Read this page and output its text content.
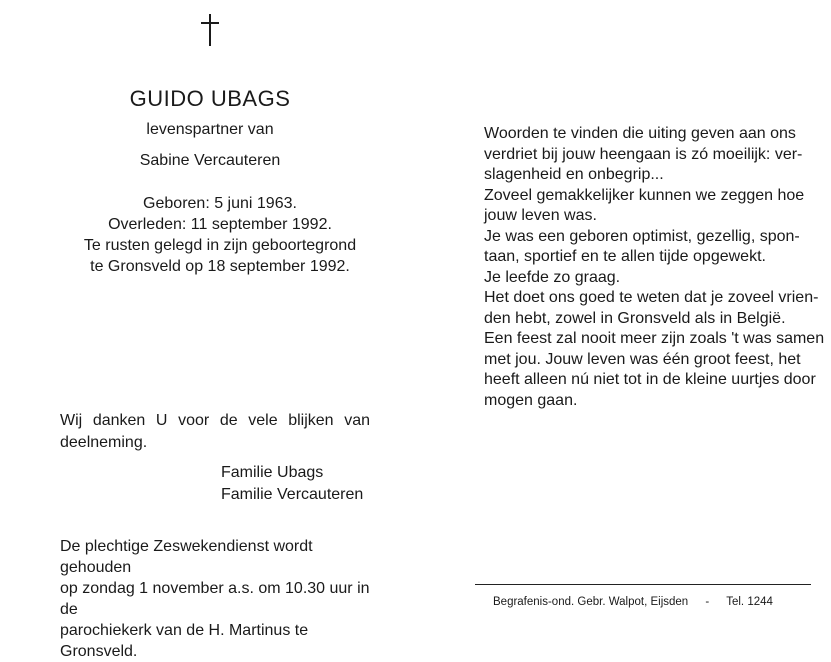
GUIDO UBAGS
levenspartner van
Sabine Vercauteren
Geboren: 5 juni 1963.
Overleden: 11 september 1992.
Te rusten gelegd in zijn geboortegrond
te Gronsveld op 18 september 1992.
Wij danken U voor de vele blijken van deelneming.
Familie Ubags
Familie Vercauteren
De plechtige Zeswekendienst wordt gehouden
op zondag 1 november a.s. om 10.30 uur in de
parochiekerk van de H. Martinus te Gronsveld.
Woorden te vinden die uiting geven aan ons
verdriet bij jouw heengaan is zó moeilijk: ver-
slagenheid en onbegrip...
Zoveel gemakkelijker kunnen we zeggen hoe
jouw leven was.
Je was een geboren optimist, gezellig, spon-
taan, sportief en te allen tijde opgewekt.
Je leefde zo graag.
Het doet ons goed te weten dat je zoveel vrien-
den hebt, zowel in Gronsveld als in België.
Een feest zal nooit meer zijn zoals 't was samen
met jou. Jouw leven was één groot feest, het
heeft alleen nú niet tot in de kleine uurtjes door
mogen gaan.
Begrafenis-ond. Gebr. Walpot, Eijsden - Tel. 1244
